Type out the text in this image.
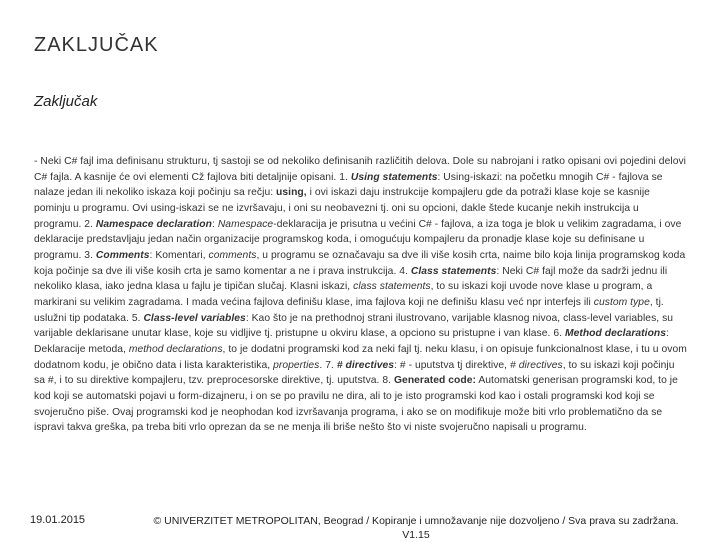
ZAKLJUČAK
Zaključak
- Neki C# fajl ima definisanu strukturu, tj sastoji se od nekoliko definisanih različitih delova. Dole su nabrojani i ratko opisani ovi pojedini delovi C# fajla. A kasnije će ovi elementi Cž fajlova biti detaljnije opisani. 1. Using statements: Using-iskazi: na početku mnogih C# - fajlova se nalaze jedan ili nekoliko iskaza koji počinju sa rečju: using, i ovi iskazi daju instrukcije kompajleru gde da potraži klase koje se kasnije pominju u programu. Ovi using-iskazi se ne izvršavaju, i oni su neobavezni tj. oni su opcioni, dakle štede kucanje nekih instrukcija u programu. 2. Namespace declaration: Namespace-deklaracija je prisutna u većini C# - fajlova, a iza toga je blok u velikim zagradama, i ove deklaracije predstavljaju jedan način organizacije programskog koda, i omogućuju kompajleru da pronadje klase koje su definisane u programu. 3. Comments: Komentari, comments, u programu se označavaju sa dve ili više kosih crta, naime bilo koja linija programskog koda koja počinje sa dve ili više kosih crta je samo komentar a ne i prava instrukcija. 4. Class statements: Neki C# fajl može da sadrži jednu ili nekoliko klasa, iako jedna klasa u fajlu je tipičan slučaj. Klasni iskazi, class statements, to su iskazi koji uvode nove klase u program, a markirani su velikim zagradama. I mada većina fajlova definišu klase, ima fajlova koji ne definišu klasu već npr interfejs ili custom type, tj. uslužni tip podataka. 5. Class-level variables: Kao što je na prethodnoj strani ilustrovano, varijable klasnog nivoa, class-level variables, su varijable deklarisane unutar klase, koje su vidljive tj. pristupne u okviru klase, a opciono su pristupne i van klase. 6. Method declarations: Deklaracije metoda, method declarations, to je dodatni programski kod za neki fajl tj. neku klasu, i on opisuje funkcionalnost klase, i tu u ovom dodatnom kodu, je obično data i lista karakteristika, properties. 7. # directives: # - uputstva tj direktive, # directives, to su iskazi koji počinju sa #, i to su direktive kompajleru, tzv. preprocesorske direktive, tj. uputstva. 8. Generated code: Automatski generisan programski kod, to je kod koji se automatski pojavi u form-dizajneru, i on se po pravilu ne dira, ali to je isto programski kod kao i ostali programski kod koji se svojeručno piše. Ovaj programski kod je neophodan kod izvršavanja programa, i ako se on modifikuje može biti vrlo problematično da se ispravi takva greška, pa treba biti vrlo oprezan da se ne menja ili briše nešto što vi niste svojeručno napisali u programu.
19.01.2015	© UNIVERZITET METROPOLITAN, Beograd / Kopiranje i umnožavanje nije dozvoljeno / Sva prava su zadržana.
V1.15
